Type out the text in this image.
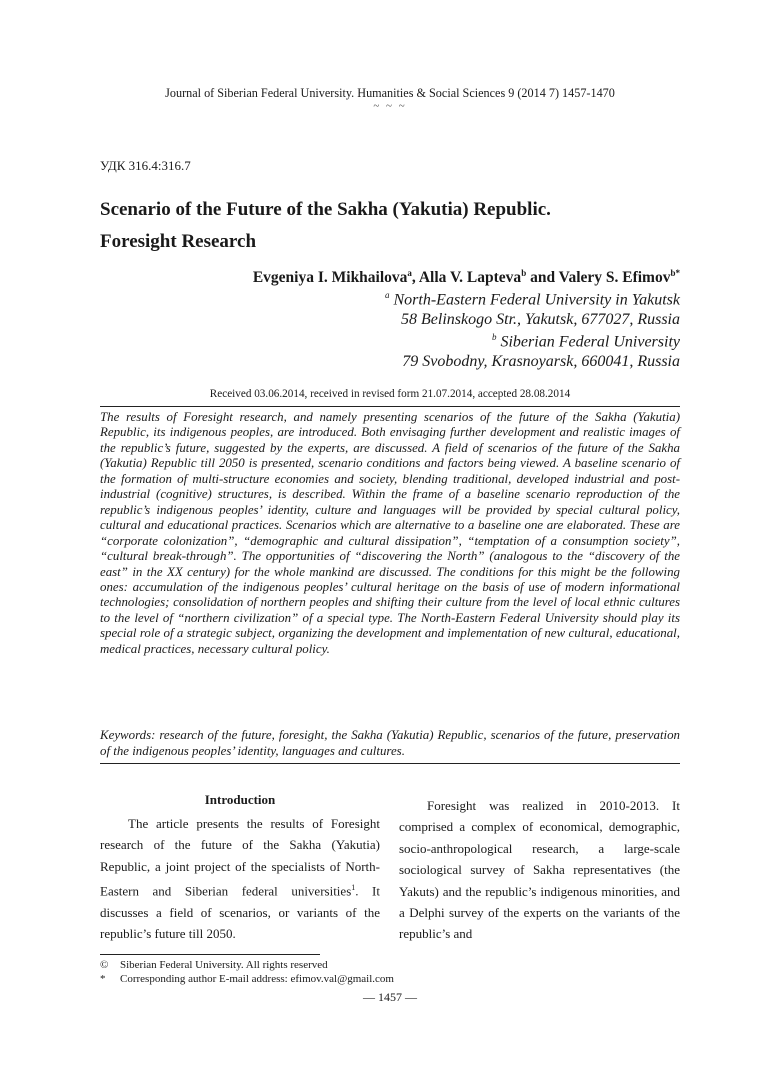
Journal of Siberian Federal University. Humanities & Social Sciences 9 (2014 7) 1457-1470
~ ~ ~
УДК 316.4:316.7
Scenario of the Future of the Sakha (Yakutia) Republic.
Foresight Research
Evgeniya I. Mikhailova$^a$, Alla V. Lapteva$^b$ and Valery S. Efimov$^{b*}$
$^a$ North-Eastern Federal University in Yakutsk
58 Belinskogo Str., Yakutsk, 677027, Russia
$^b$ Siberian Federal University
79 Svobodny, Krasnoyarsk, 660041, Russia
Received 03.06.2014, received in revised form 21.07.2014, accepted 28.08.2014

The results of Foresight research, and namely presenting scenarios of the future of the Sakha (Yakutia) Republic, its indigenous peoples, are introduced. Both envisaging further development and realistic images of the republic’s future, suggested by the experts, are discussed. A field of scenarios of the future of the Sakha (Yakutia) Republic till 2050 is presented, scenario conditions and factors being viewed. A baseline scenario of the formation of multi-structure economies and society, blending traditional, developed industrial and post-industrial (cognitive) structures, is described. Within the frame of a baseline scenario reproduction of the republic’s indigenous peoples’ identity, culture and languages will be provided by special cultural policy, cultural and educational practices. Scenarios which are alternative to a baseline one are elaborated. These are “corporate colonization”, “demographic and cultural dissipation”, “temptation of a consumption society”, “cultural break-through”. The opportunities of “discovering the North” (analogous to the “discovery of the east” in the XX century) for the whole mankind are discussed. The conditions for this might be the following ones: accumulation of the indigenous peoples’ cultural heritage on the basis of use of modern informational technologies; consolidation of northern peoples and shifting their culture from the level of local ethnic cultures to the level of “northern civilization” of a special type. The North-Eastern Federal University should play its special role of a strategic subject, organizing the development and implementation of new cultural, educational, medical practices, necessary cultural policy.

Keywords: research of the future, foresight, the Sakha (Yakutia) Republic, scenarios of the future, preservation of the indigenous peoples’ identity, languages and cultures.

Introduction

The article presents the results of Foresight research of the future of the Sakha (Yakutia) Republic, a joint project of the specialists of North-Eastern and Siberian federal universities$^1$. It discusses a field of scenarios, or variants of the republic’s future till 2050.

Foresight was realized in 2010-2013. It comprised a complex of economical, demographic, socio-anthropological research, a large-scale sociological survey of Sakha representatives (the Yakuts) and the republic’s indigenous minorities, and a Delphi survey of the experts on the variants of the republic’s and

© Siberian Federal University. All rights reserved
* Corresponding author E-mail address: efimov.val@gmail.com
— 1457 —
